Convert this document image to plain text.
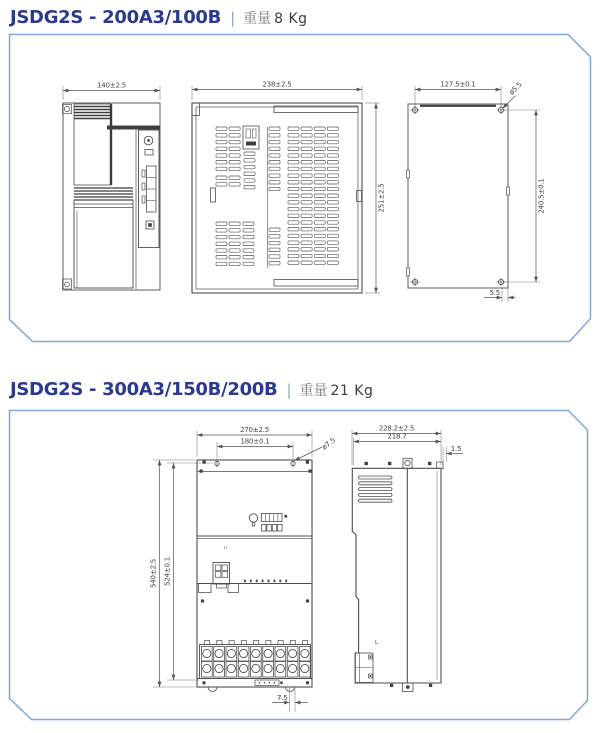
140±2.5	238±2.5
251±2.5
127.5±0.1	ø5.5
240.5±0.1
5.5
270±2.5
180±0.1	ø7.5
540±2.5 524±0.1
n
7.5
228.2±2.5
218.7
1.5
L
JSDG2S - 200A3/100B | 重量 8 Kg
JSDG2S - 300A3/150B/200B | 重量 21 Kg
